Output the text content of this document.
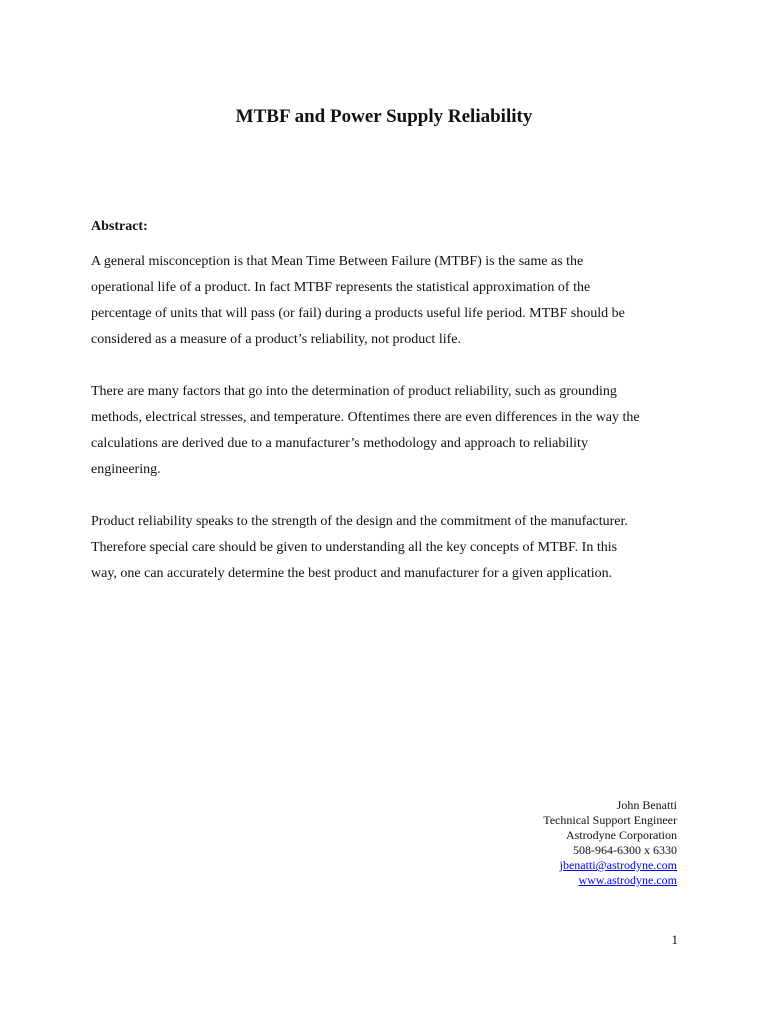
MTBF and Power Supply Reliability
Abstract:

A general misconception is that Mean Time Between Failure (MTBF) is the same as the
operational life of a product. In fact MTBF represents the statistical approximation of the
percentage of units that will pass (or fail) during a products useful life period. MTBF should be
considered as a measure of a product’s reliability, not product life.

There are many factors that go into the determination of product reliability, such as grounding
methods, electrical stresses, and temperature. Oftentimes there are even differences in the way the
calculations are derived due to a manufacturer’s methodology and approach to reliability
engineering.

Product reliability speaks to the strength of the design and the commitment of the manufacturer.
Therefore special care should be given to understanding all the key concepts of MTBF. In this
way, one can accurately determine the best product and manufacturer for a given application.

John Benatti
Technical Support Engineer
Astrodyne Corporation
508-964-6300 x 6330
jbenatti@astrodyne.com
www.astrodyne.com
1
